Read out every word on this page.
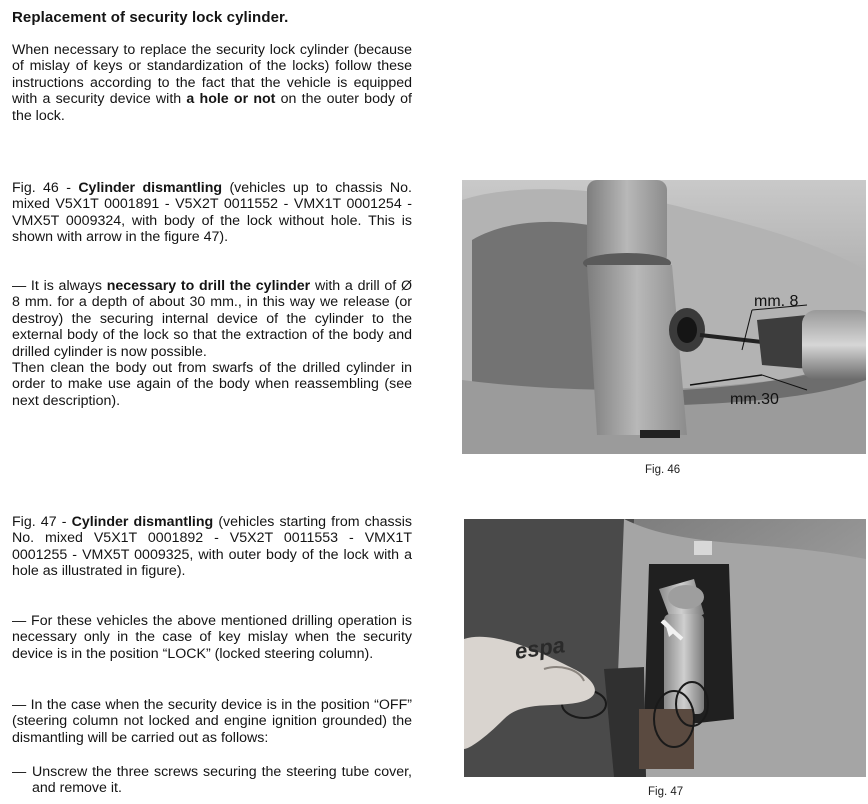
Replacement of security lock cylinder.

When necessary to replace the security lock cylinder (because of mislay of keys or standardization of the locks) follow these instructions according to the fact that the vehicle is equipped with a security device with a hole or not on the outer body of the lock.

Fig. 46 - Cylinder dismantling (vehicles up to chassis No. mixed V5X1T 0001891 - V5X2T 0011552 - VMX1T 0001254 - VMX5T 0009324, with body of the lock without hole. This is shown with arrow in the figure 47).

— It is always necessary to drill the cylinder with a drill of Ø 8 mm. for a depth of about 30 mm., in this way we release (or destroy) the securing internal device of the cylinder to the external body of the lock so that the extraction of the body and drilled cylinder is now possible.
Then clean the body out from swarfs of the drilled cylinder in order to make use again of the body when reassembling (see next description).

Fig. 47 - Cylinder dismantling (vehicles starting from chassis No. mixed V5X1T 0001892 - V5X2T 0011553 - VMX1T 0001255 - VMX5T 0009325, with outer body of the lock with a hole as illustrated in figure).

— For these vehicles the above mentioned drilling operation is necessary only in the case of key mislay when the security device is in the position “LOCK” (locked steering column).

— In the case when the security device is in the position “OFF” (steering column not locked and engine ignition grounded) the dismantling will be carried out as follows:

— Unscrew the three screws securing the steering tube cover, and remove it.
mm. 8
mm.30
Fig. 46
espa
Fig. 47
